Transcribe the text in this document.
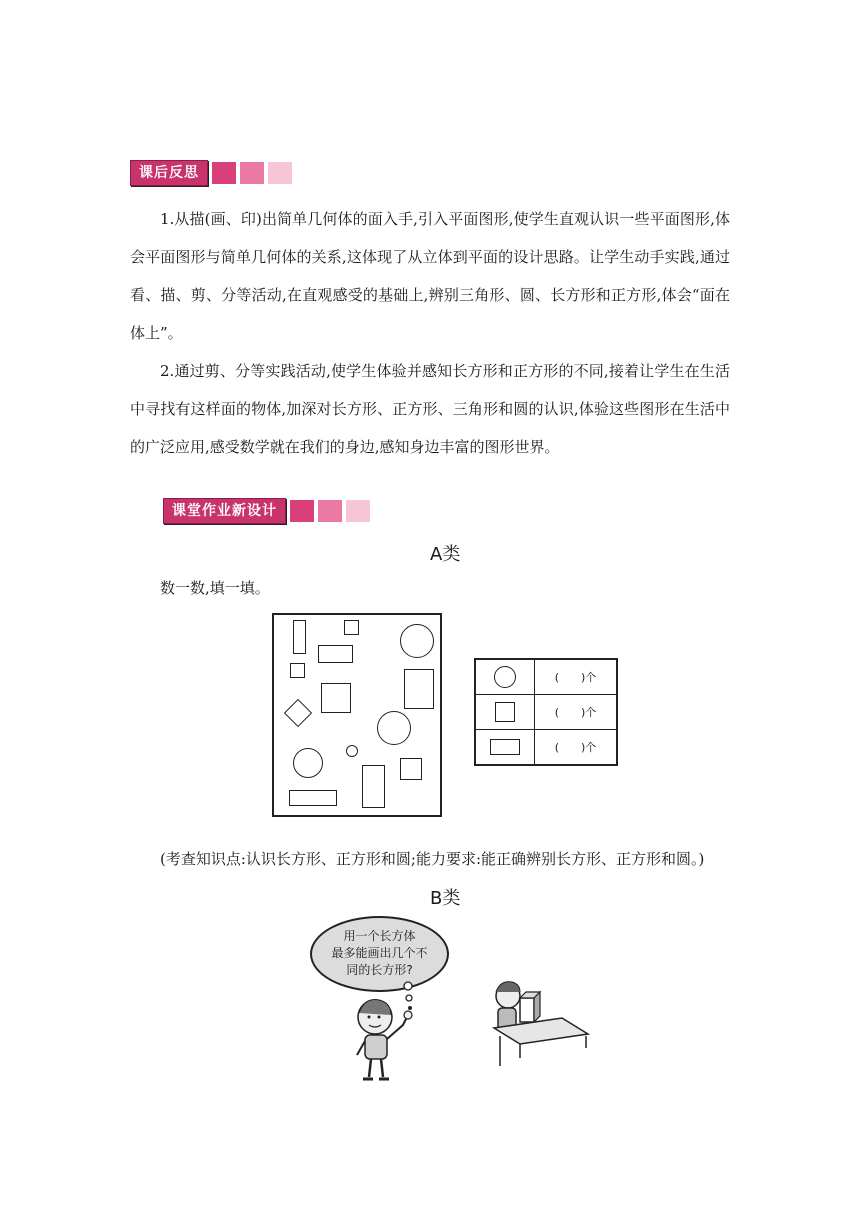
课后反思

1.从描(画、印)出简单几何体的面入手,引入平面图形,使学生直观认识一些平面图形,体会平面图形与简单几何体的关系,这体现了从立体到平面的设计思路。让学生动手实践,通过看、描、剪、分等活动,在直观感受的基础上,辨别三角形、圆、长方形和正方形,体会“面在体上”。

2.通过剪、分等实践活动,使学生体验并感知长方形和正方形的不同,接着让学生在生活中寻找有这样面的物体,加深对长方形、正方形、三角形和圆的认识,体验这些图形在生活中的广泛应用,感受数学就在我们的身边,感知身边丰富的图形世界。

课堂作业新设计
A类
数一数,填一填。
	(　　)个

	(　　)个

	(　　)个
(考查知识点:认识长方形、正方形和圆;能力要求:能正确辨别长方形、正方形和圆。)
B类
用一个长方体
最多能画出几个不
同的长方形?
